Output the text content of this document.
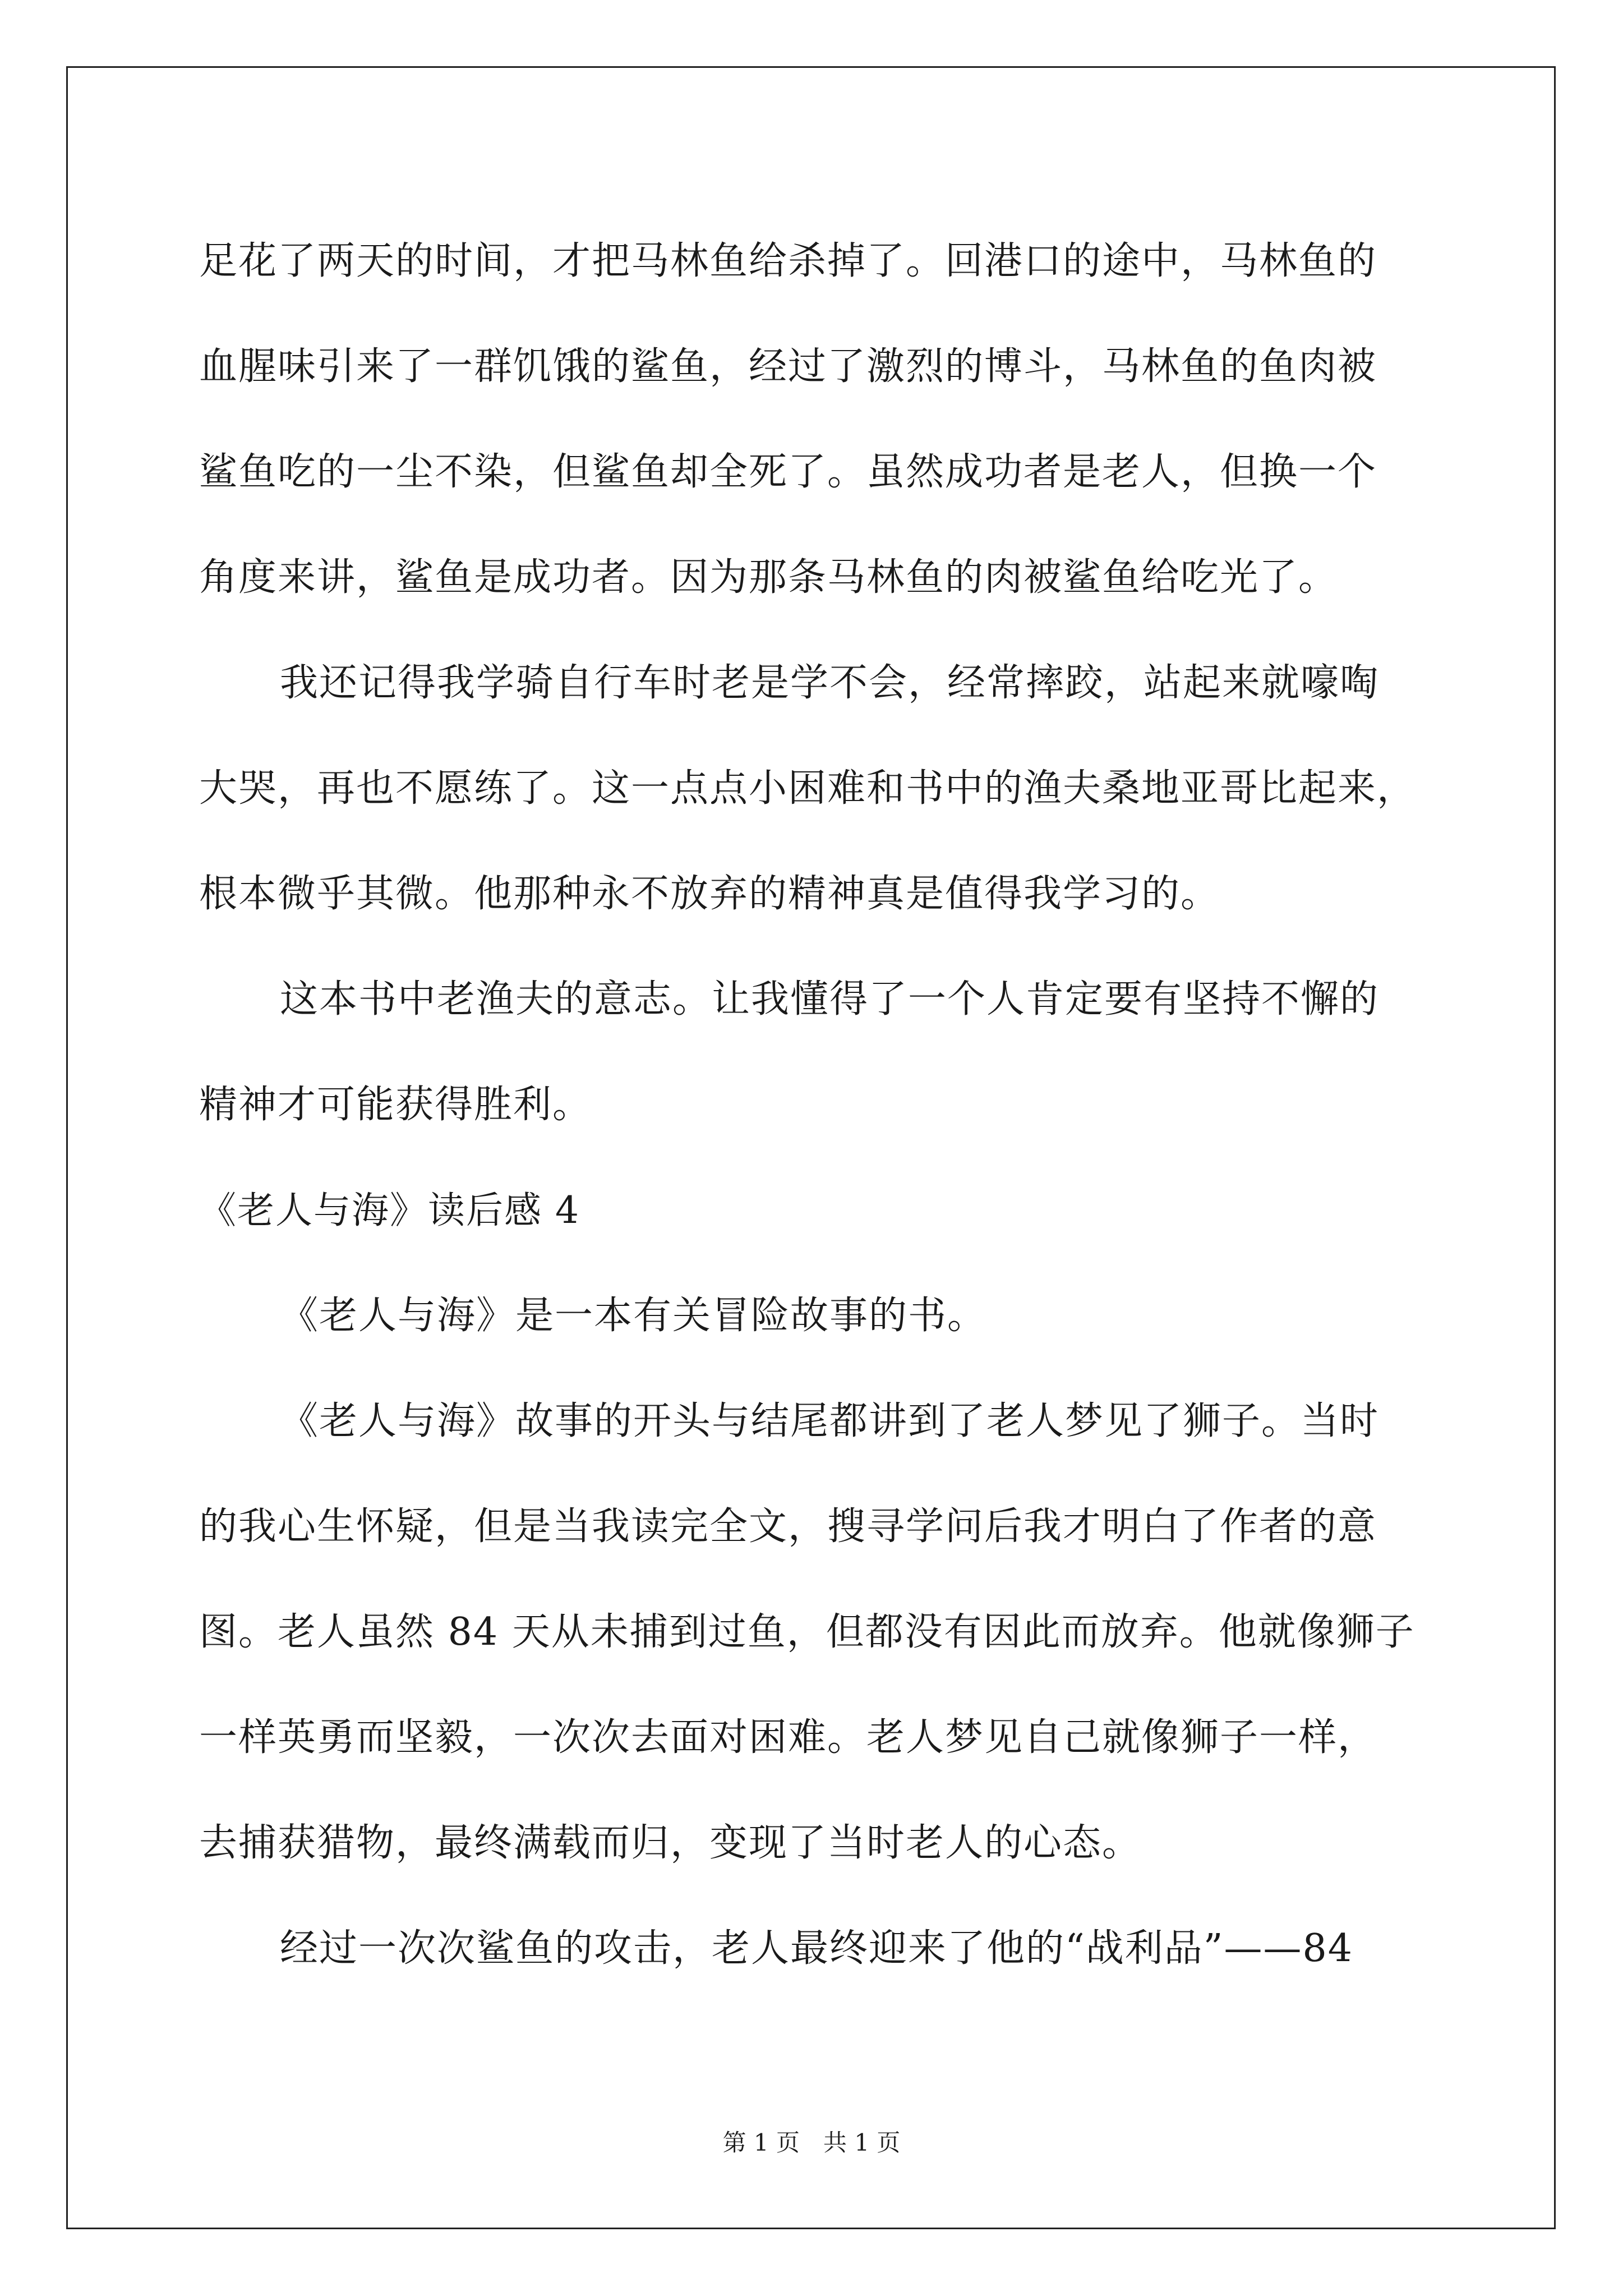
足花了两天的时间，才把马林鱼给杀掉了。回港口的途中，马林鱼的
血腥味引来了一群饥饿的鲨鱼，经过了激烈的博斗，马林鱼的鱼肉被
鲨鱼吃的一尘不染，但鲨鱼却全死了。虽然成功者是老人，但换一个
角度来讲，鲨鱼是成功者。因为那条马林鱼的肉被鲨鱼给吃光了。
我还记得我学骑自行车时老是学不会，经常摔跤，站起来就嚎啕
大哭，再也不愿练了。这一点点小困难和书中的渔夫桑地亚哥比起来，
根本微乎其微。他那种永不放弃的精神真是值得我学习的。
这本书中老渔夫的意志。让我懂得了一个人肯定要有坚持不懈的
精神才可能获得胜利。
《老人与海》读后感 4
《老人与海》是一本有关冒险故事的书。
《老人与海》故事的开头与结尾都讲到了老人梦见了狮子。当时
的我心生怀疑，但是当我读完全文，搜寻学问后我才明白了作者的意
图。老人虽然 84 天从未捕到过鱼，但都没有因此而放弃。他就像狮子
一样英勇而坚毅，一次次去面对困难。老人梦见自己就像狮子一样，
去捕获猎物，最终满载而归，变现了当时老人的心态。
经过一次次鲨鱼的攻击，老人最终迎来了他的“战利品”——84
第 1 页　共 1 页
